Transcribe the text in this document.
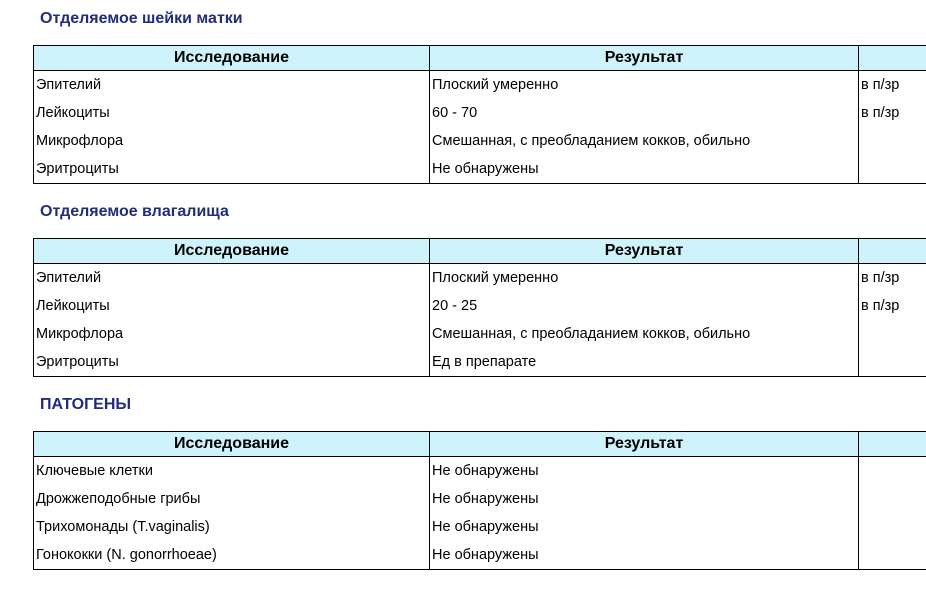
Отделяемое шейки матки
Исследование	Результат	
Эпителий	Плоский умеренно	в п/зр
Лейкоциты	60 - 70	в п/зр
Микрофлора	Смешанная, с преобладанием кокков, обильно	
Эритроциты	Не обнаружены	
Отделяемое влагалища
Исследование	Результат	
Эпителий	Плоский умеренно	в п/зр
Лейкоциты	20 - 25	в п/зр
Микрофлора	Смешанная, с преобладанием кокков, обильно	
Эритроциты	Ед в препарате	
ПАТОГЕНЫ
Исследование	Результат	
Ключевые клетки	Не обнаружены	
Дрожжеподобные грибы	Не обнаружены	
Трихомонады (T.vaginalis)	Не обнаружены	
Гонококки (N. gonorrhoeae)	Не обнаружены	
